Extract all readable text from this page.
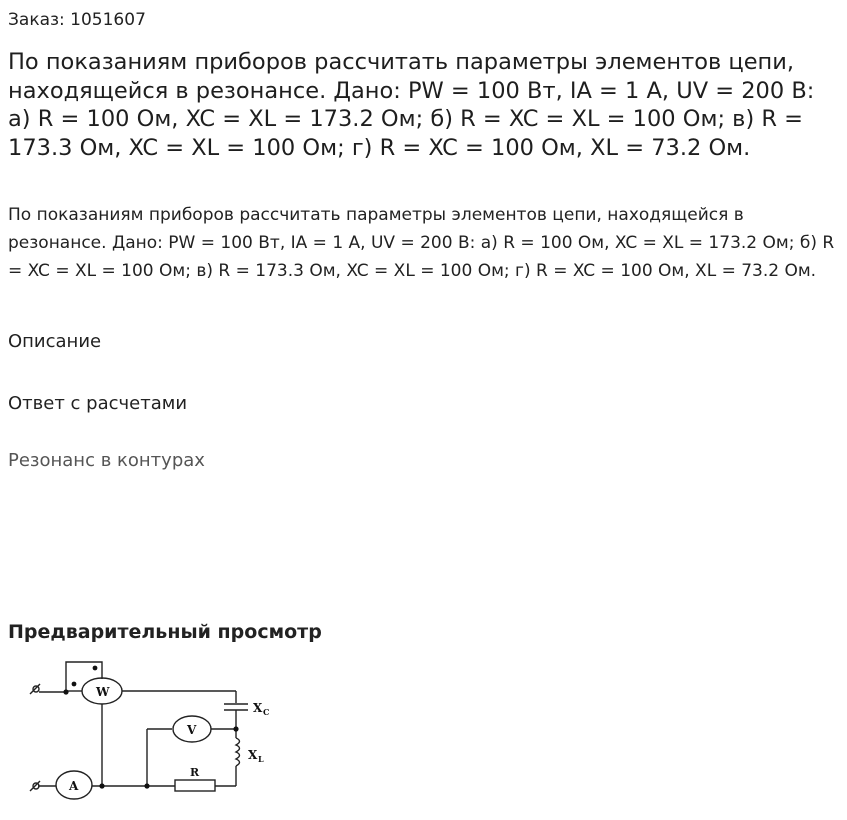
Заказ: 1051607
По показаниям приборов рассчитать параметры элементов цепи, находящейся в резонансе. Дано: PW = 100 Вт, IA = 1 A, UV = 200 В: а) R = 100 Ом, XC = XL = 173.2 Ом; б) R = XC = XL = 100 Ом; в) R = 173.3 Ом, XC = XL = 100 Ом; г) R = XC = 100 Ом, XL = 73.2 Ом.

По показаниям приборов рассчитать параметры элементов цепи, находящейся в резонансе. Дано: PW = 100 Вт, IA = 1 A, UV = 200 В: а) R = 100 Ом, XC = XL = 173.2 Ом; б) R = XC = XL = 100 Ом; в) R = 173.3 Ом, XC = XL = 100 Ом; г) R = XC = 100 Ом, XL = 73.2 Ом.

Описание
Ответ с расчетами
Резонанс в контурах
Предварительный просмотр
W
V
A
R
X C
X L
